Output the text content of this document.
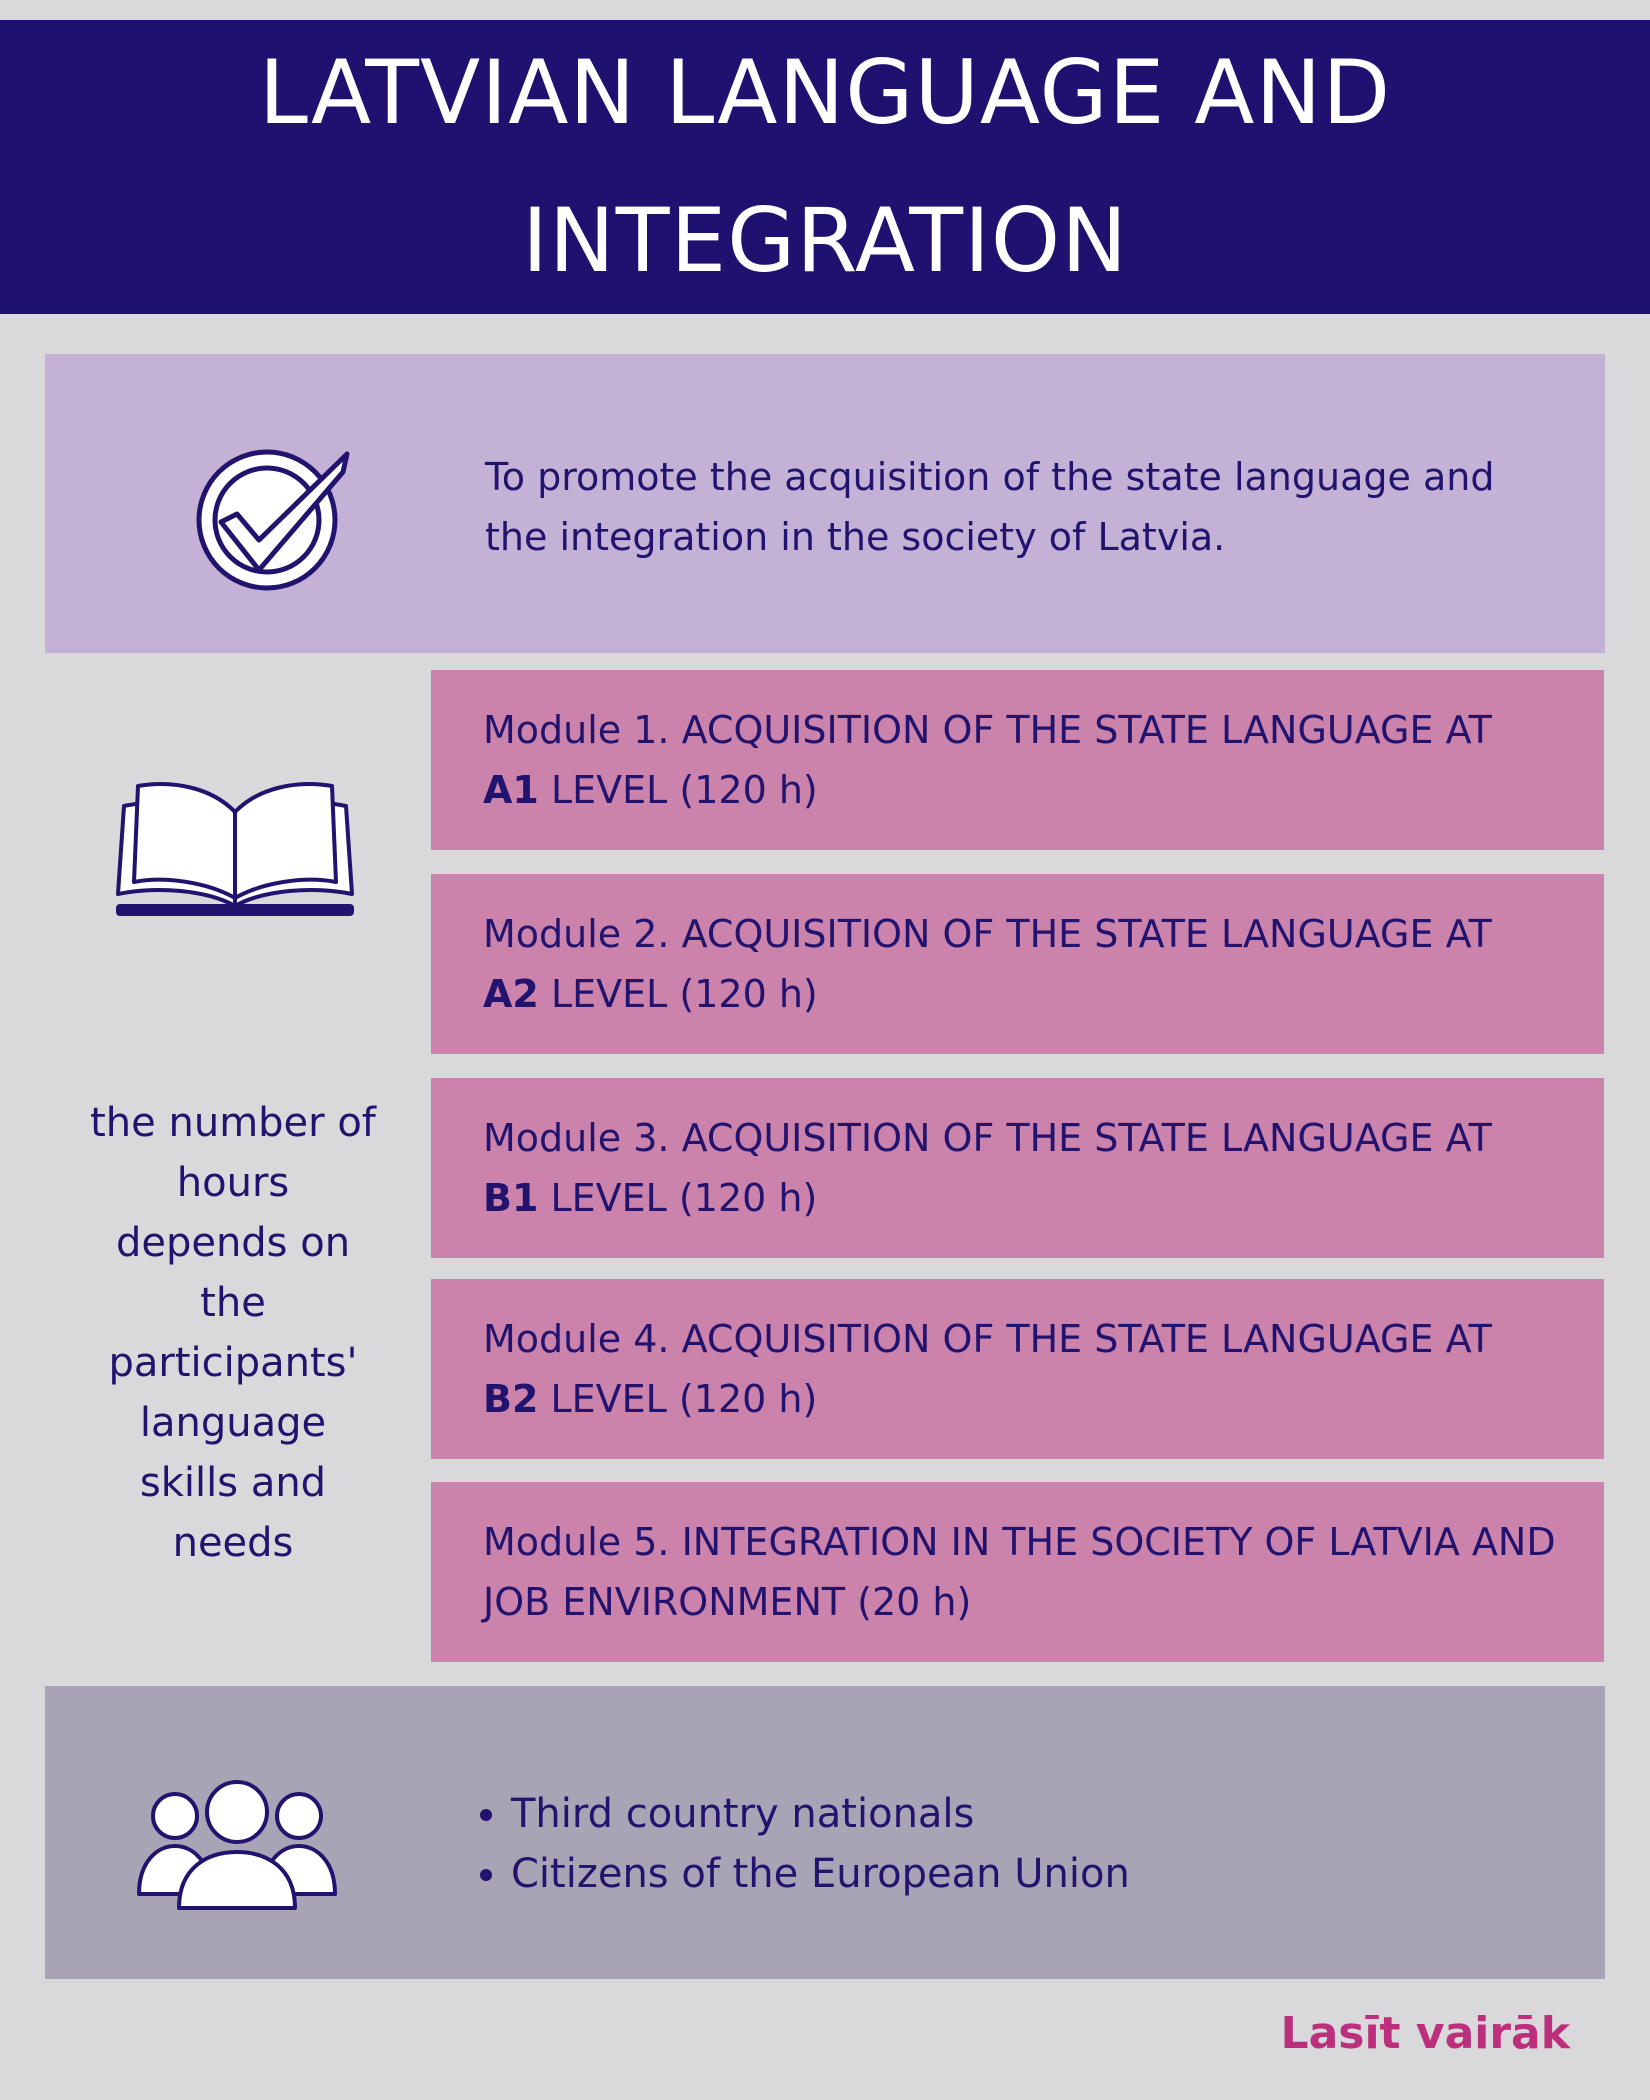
LATVIAN LANGUAGE AND
INTEGRATION
To promote the acquisition of the state language and the integration in the society of Latvia.
the number of hours depends on the participants' language skills and needs
Module 1. ACQUISITION OF THE STATE LANGUAGE AT
A1 LEVEL (120 h)
Module 2. ACQUISITION OF THE STATE LANGUAGE AT
A2 LEVEL (120 h)
Module 3. ACQUISITION OF THE STATE LANGUAGE AT
B1 LEVEL (120 h)
Module 4. ACQUISITION OF THE STATE LANGUAGE AT
B2 LEVEL (120 h)
Module 5. INTEGRATION IN THE SOCIETY OF LATVIA AND JOB ENVIRONMENT (20 h)
• Third country nationals
• Citizens of the European Union
Lasīt vairāk
